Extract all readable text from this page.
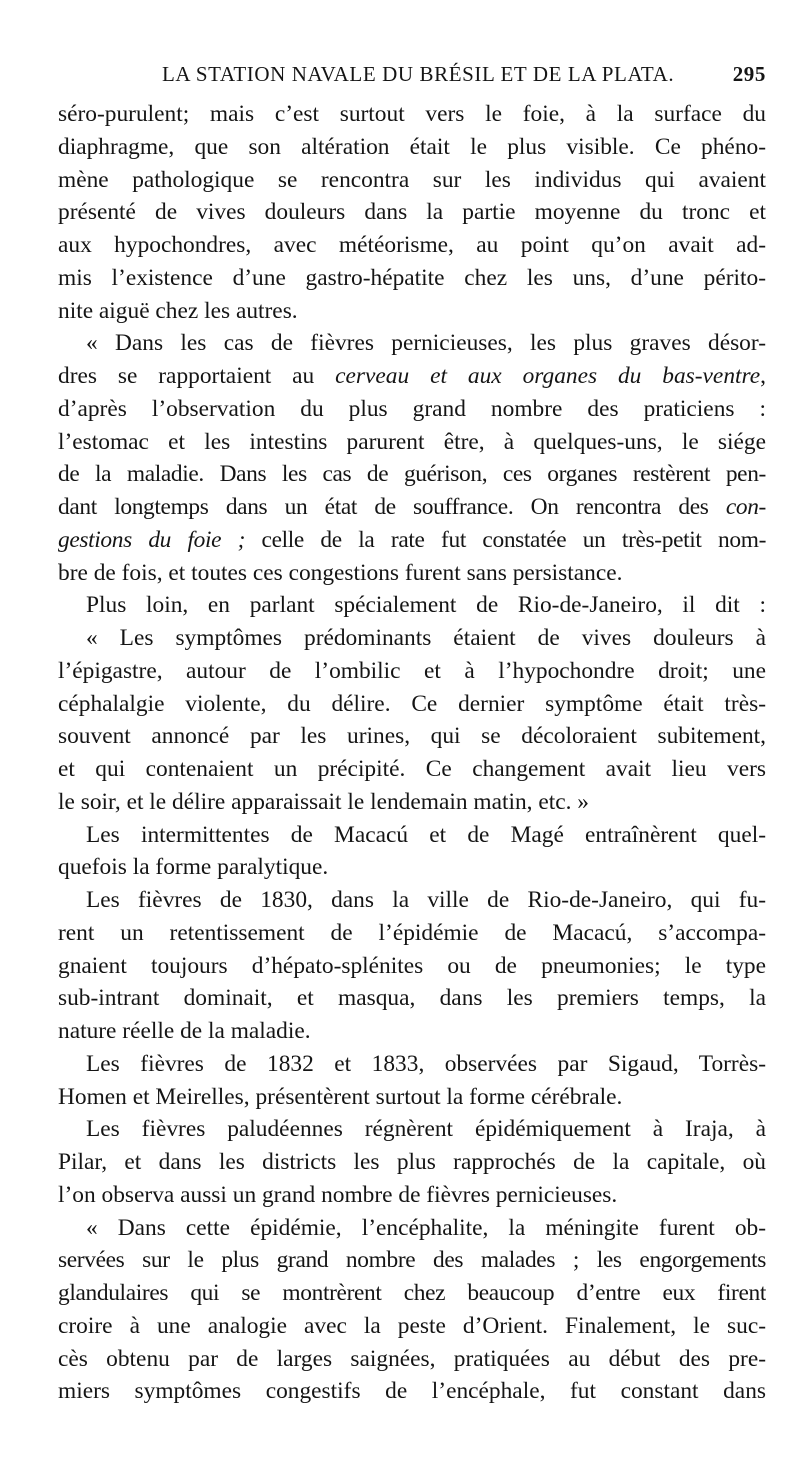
LA STATION NAVALE DU BRÉSIL ET DE LA PLATA.	295
séro-purulent; mais c’est surtout vers le foie, à la surface du
diaphragme, que son altération était le plus visible. Ce phéno-
mène pathologique se rencontra sur les individus qui avaient
présenté de vives douleurs dans la partie moyenne du tronc et
aux hypochondres, avec météorisme, au point qu’on avait ad-
mis l’existence d’une gastro-hépatite chez les uns, d’une périto-
nite aiguë chez les autres.
« Dans les cas de fièvres pernicieuses, les plus graves désor-
dres se rapportaient au cerveau et aux organes du bas-ventre,
d’après l’observation du plus grand nombre des praticiens :
l’estomac et les intestins parurent être, à quelques-uns, le siége
de la maladie. Dans les cas de guérison, ces organes restèrent pen-
dant longtemps dans un état de souffrance. On rencontra des con-
gestions du foie ; celle de la rate fut constatée un très-petit nom-
bre de fois, et toutes ces congestions furent sans persistance.
Plus loin, en parlant spécialement de Rio-de-Janeiro, il dit :
« Les symptômes prédominants étaient de vives douleurs à
l’épigastre, autour de l’ombilic et à l’hypochondre droit; une
céphalalgie violente, du délire. Ce dernier symptôme était très-
souvent annoncé par les urines, qui se décoloraient subitement,
et qui contenaient un précipité. Ce changement avait lieu vers
le soir, et le délire apparaissait le lendemain matin, etc. »
Les intermittentes de Macacú et de Magé entraînèrent quel-
quefois la forme paralytique.
Les fièvres de 1830, dans la ville de Rio-de-Janeiro, qui fu-
rent un retentissement de l’épidémie de Macacú, s’accompa-
gnaient toujours d’hépato-splénites ou de pneumonies; le type
sub-intrant dominait, et masqua, dans les premiers temps, la
nature réelle de la maladie.
Les fièvres de 1832 et 1833, observées par Sigaud, Torrès-
Homen et Meirelles, présentèrent surtout la forme cérébrale.
Les fièvres paludéennes régnèrent épidémiquement à Iraja, à
Pilar, et dans les districts les plus rapprochés de la capitale, où
l’on observa aussi un grand nombre de fièvres pernicieuses.
« Dans cette épidémie, l’encéphalite, la méningite furent ob-
servées sur le plus grand nombre des malades ; les engorgements
glandulaires qui se montrèrent chez beaucoup d’entre eux firent
croire à une analogie avec la peste d’Orient. Finalement, le suc-
cès obtenu par de larges saignées, pratiquées au début des pre-
miers symptômes congestifs de l’encéphale, fut constant dans
